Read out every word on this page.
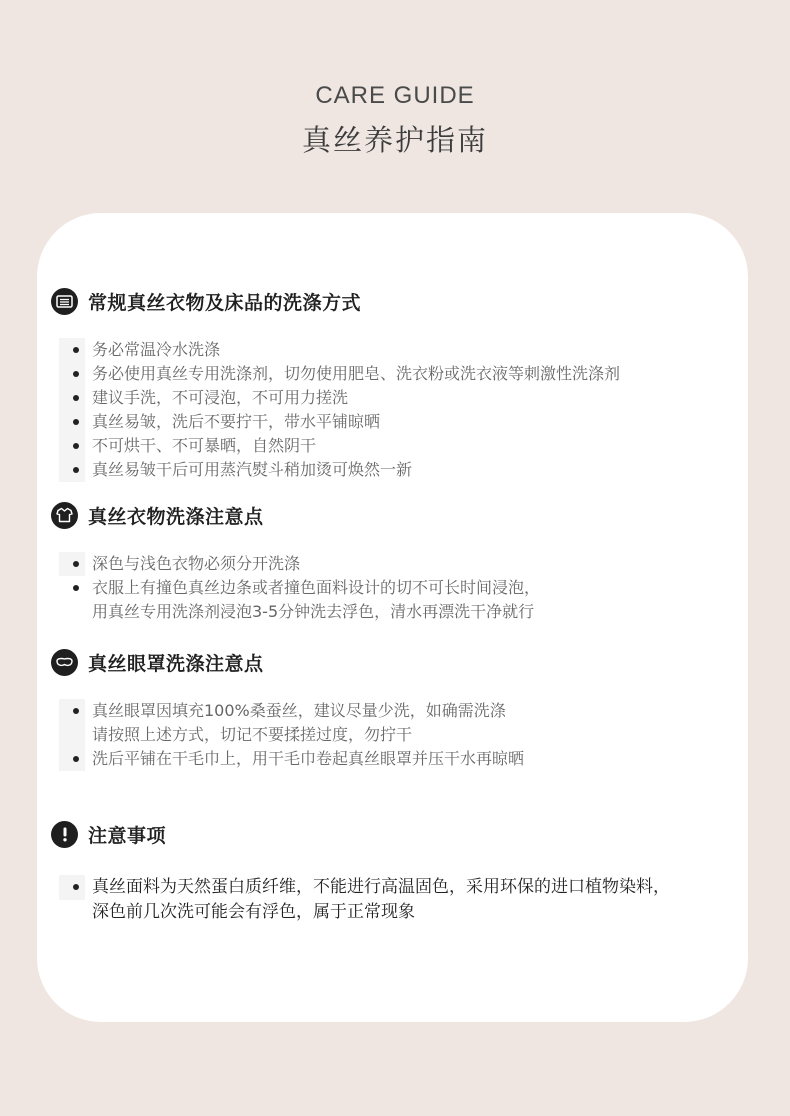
CARE GUIDE
真丝养护指南
常规真丝衣物及床品的洗涤方式
务必常温冷水洗涤
务必使用真丝专用洗涤剂，切勿使用肥皂、洗衣粉或洗衣液等刺激性洗涤剂
建议手洗，不可浸泡，不可用力搓洗
真丝易皱，洗后不要拧干，带水平铺晾晒
不可烘干、不可暴晒，自然阴干
真丝易皱干后可用蒸汽熨斗稍加烫可焕然一新
真丝衣物洗涤注意点
深色与浅色衣物必须分开洗涤
衣服上有撞色真丝边条或者撞色面料设计的切不可长时间浸泡，
用真丝专用洗涤剂浸泡3-5分钟洗去浮色，清水再漂洗干净就行
真丝眼罩洗涤注意点
真丝眼罩因填充100%桑蚕丝，建议尽量少洗，如确需洗涤
请按照上述方式，切记不要揉搓过度，勿拧干
洗后平铺在干毛巾上，用干毛巾卷起真丝眼罩并压干水再晾晒
注意事项
真丝面料为天然蛋白质纤维，不能进行高温固色，采用环保的进口植物染料，
深色前几次洗可能会有浮色，属于正常现象
